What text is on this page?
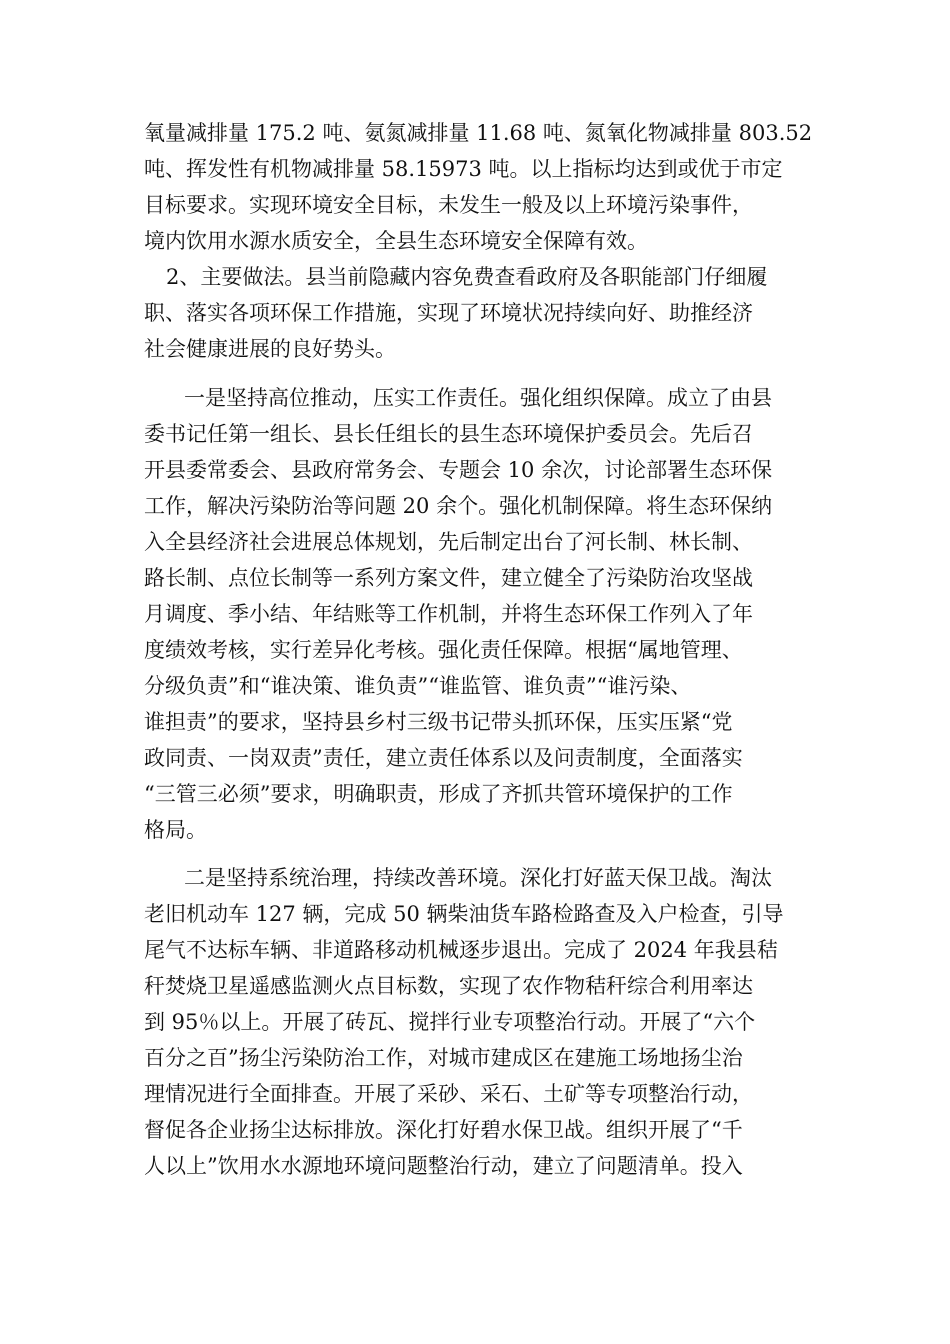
氧量减排量 175.2 吨、氨氮减排量 11.68 吨、氮氧化物减排量 803.52
吨、挥发性有机物减排量 58.15973 吨。以上指标均达到或优于市定
目标要求。实现环境安全目标，未发生一般及以上环境污染事件，
境内饮用水源水质安全，全县生态环境安全保障有效。
2、主要做法。县当前隐藏内容免费查看政府及各职能部门仔细履
职、落实各项环保工作措施，实现了环境状况持续向好、助推经济
社会健康进展的良好势头。
一是坚持高位推动，压实工作责任。强化组织保障。成立了由县
委书记任第一组长、县长任组长的县生态环境保护委员会。先后召
开县委常委会、县政府常务会、专题会 10 余次，讨论部署生态环保
工作，解决污染防治等问题 20 余个。强化机制保障。将生态环保纳
入全县经济社会进展总体规划，先后制定出台了河长制、林长制、
路长制、点位长制等一系列方案文件，建立健全了污染防治攻坚战
月调度、季小结、年结账等工作机制，并将生态环保工作列入了年
度绩效考核，实行差异化考核。强化责任保障。根据“属地管理、
分级负责”和“谁决策、谁负责”“谁监管、谁负责”“谁污染、
谁担责”的要求，坚持县乡村三级书记带头抓环保，压实压紧“党
政同责、一岗双责”责任，建立责任体系以及问责制度，全面落实
“三管三必须”要求，明确职责，形成了齐抓共管环境保护的工作
格局。
二是坚持系统治理，持续改善环境。深化打好蓝天保卫战。淘汰
老旧机动车 127 辆，完成 50 辆柴油货车路检路查及入户检查，引导
尾气不达标车辆、非道路移动机械逐步退出。完成了 2024 年我县秸
秆焚烧卫星遥感监测火点目标数，实现了农作物秸秆综合利用率达
到 95％以上。开展了砖瓦、搅拌行业专项整治行动。开展了“六个
百分之百”扬尘污染防治工作，对城市建成区在建施工场地扬尘治
理情况进行全面排查。开展了采砂、采石、土矿等专项整治行动，
督促各企业扬尘达标排放。深化打好碧水保卫战。组织开展了“千
人以上”饮用水水源地环境问题整治行动，建立了问题清单。投入
